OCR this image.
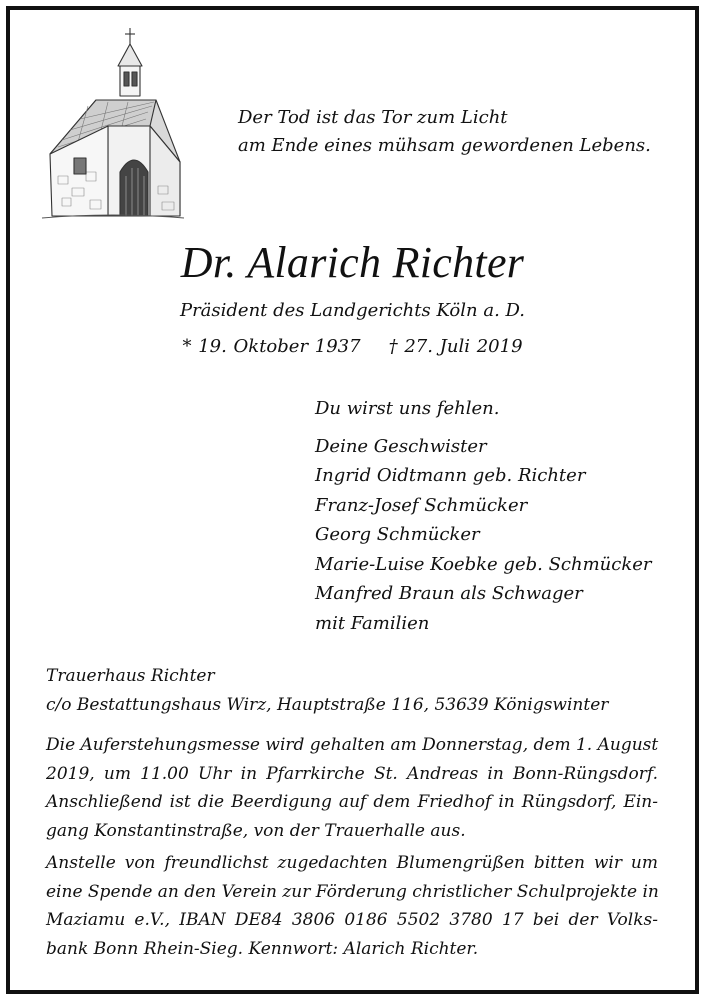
Der Tod ist das Tor zum Licht
am Ende eines mühsam gewordenen Lebens.
Dr. Alarich Richter
Präsident des Landgerichts Köln a. D.
* 19. Oktober 1937 † 27. Juli 2019
Du wirst uns fehlen.
Deine Geschwister
Ingrid Oidtmann geb. Richter
Franz-Josef Schmücker
Georg Schmücker
Marie-Luise Koebke geb. Schmücker
Manfred Braun als Schwager
mit Familien
Trauerhaus Richter
c/o Bestattungshaus Wirz, Hauptstraße 116, 53639 Königswinter
Die Auferstehungsmesse wird gehalten am Donnerstag, dem 1. August
2019, um 11.00 Uhr in Pfarrkirche St. Andreas in Bonn-Rüngsdorf.
Anschließend ist die Beerdigung auf dem Friedhof in Rüngsdorf, Ein-
gang Konstantinstraße, von der Trauerhalle aus.
Anstelle von freundlichst zugedachten Blumengrüßen bitten wir um
eine Spende an den Verein zur Förderung christlicher Schulprojekte in
Maziamu e.V., IBAN DE84 3806 0186 5502 3780 17 bei der Volks-
bank Bonn Rhein-Sieg. Kennwort: Alarich Richter.
